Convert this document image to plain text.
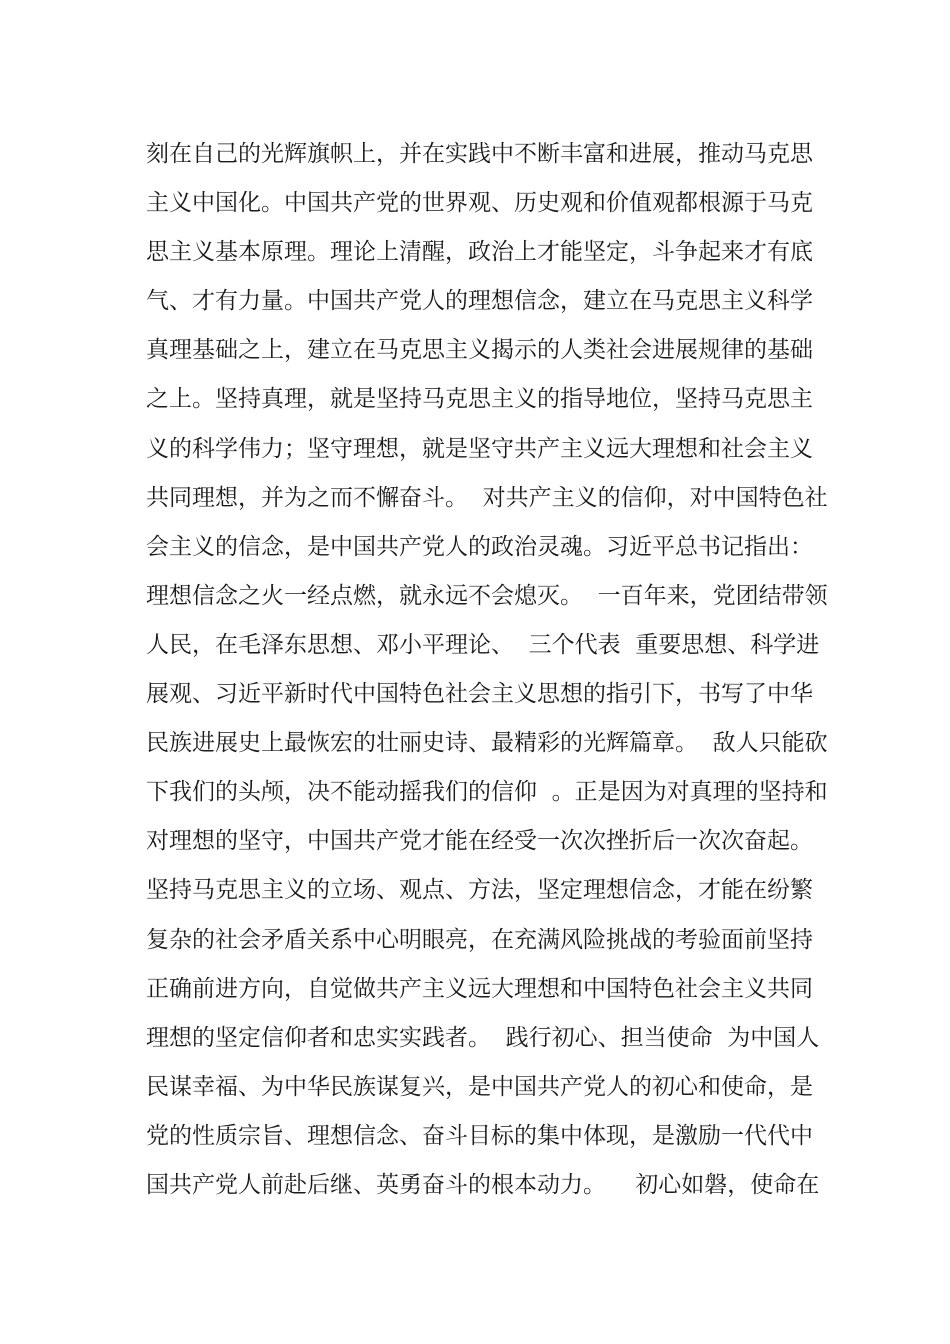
刻在自己的光辉旗帜上，并在实践中不断丰富和进展，推动马克思
主义中国化。中国共产党的世界观、历史观和价值观都根源于马克
思主义基本原理。理论上清醒，政治上才能坚定，斗争起来才有底
气、才有力量。中国共产党人的理想信念，建立在马克思主义科学
真理基础之上，建立在马克思主义揭示的人类社会进展规律的基础
之上。坚持真理，就是坚持马克思主义的指导地位，坚持马克思主
义的科学伟力；坚守理想，就是坚守共产主义远大理想和社会主义
共同理想，并为之而不懈奋斗。  对共产主义的信仰，对中国特色社
会主义的信念，是中国共产党人的政治灵魂。习近平总书记指出：
理想信念之火一经点燃，就永远不会熄灭。  一百年来，党团结带领
人民，在毛泽东思想、邓小平理论、  三个代表  重要思想、科学进
展观、习近平新时代中国特色社会主义思想的指引下，书写了中华
民族进展史上最恢宏的壮丽史诗、最精彩的光辉篇章。  敌人只能砍
下我们的头颅，决不能动摇我们的信仰  。正是因为对真理的坚持和
对理想的坚守，中国共产党才能在经受一次次挫折后一次次奋起。
坚持马克思主义的立场、观点、方法，坚定理想信念，才能在纷繁
复杂的社会矛盾关系中心明眼亮，在充满风险挑战的考验面前坚持
正确前进方向，自觉做共产主义远大理想和中国特色社会主义共同
理想的坚定信仰者和忠实实践者。  践行初心、担当使命  为中国人
民谋幸福、为中华民族谋复兴，是中国共产党人的初心和使命，是
党的性质宗旨、理想信念、奋斗目标的集中体现，是激励一代代中
国共产党人前赴后继、英勇奋斗的根本动力。    初心如磐，使命在
